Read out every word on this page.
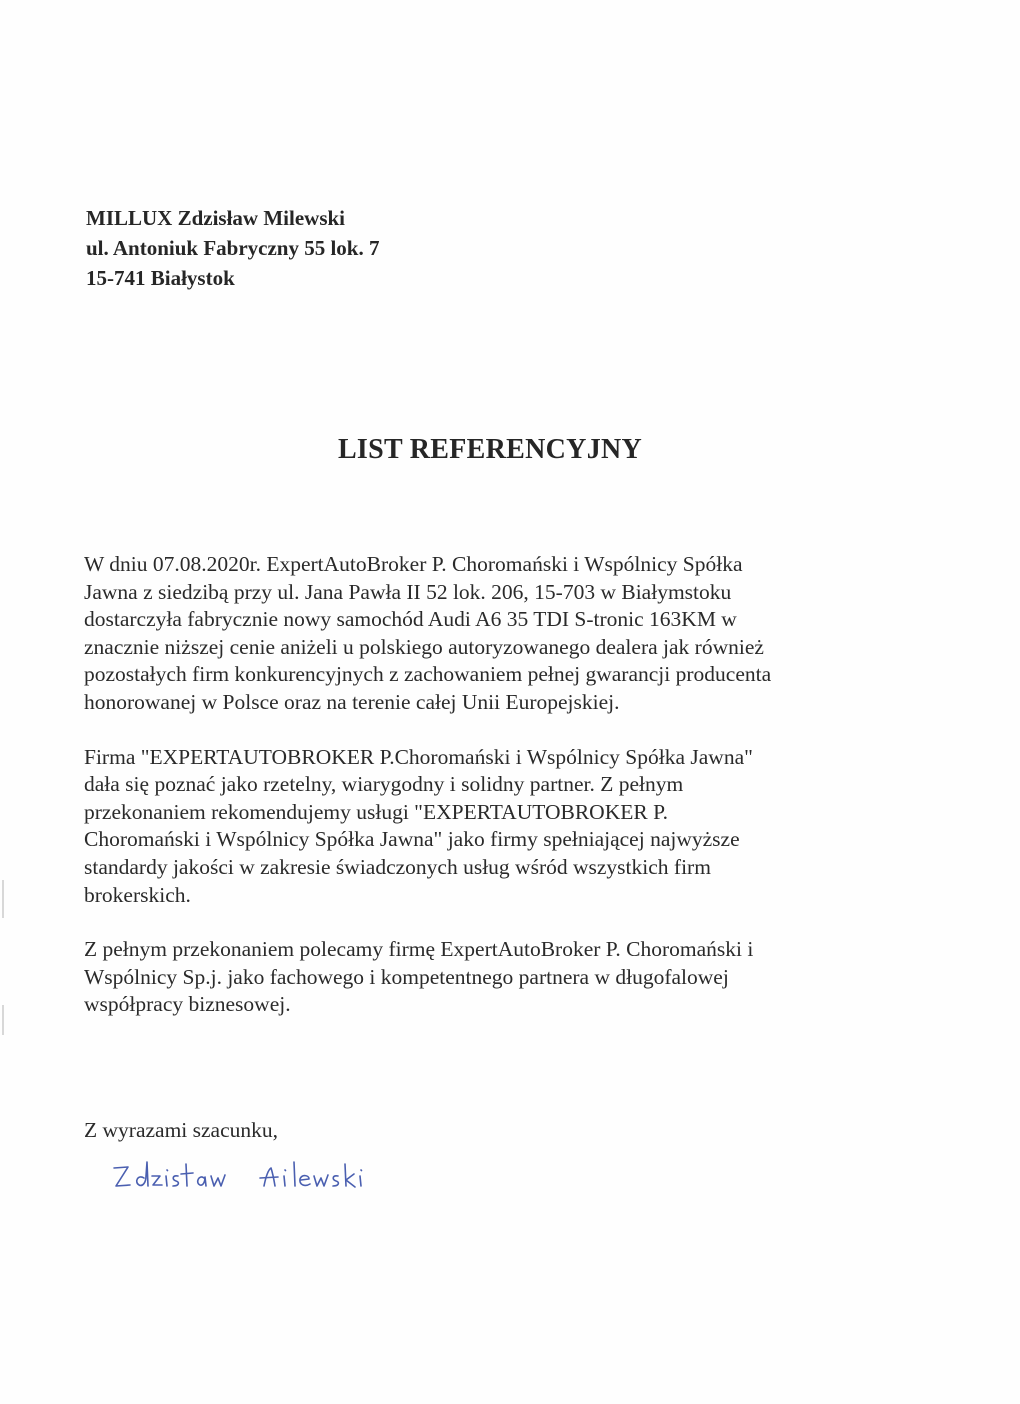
MILLUX Zdzisław Milewski
ul. Antoniuk Fabryczny 55 lok. 7
15-741 Białystok
LIST REFERENCYJNY
W dniu 07.08.2020r. ExpertAutoBroker P. Choromański i Wspólnicy Spółka
Jawna z siedzibą przy ul. Jana Pawła II 52 lok. 206, 15-703 w Białymstoku
dostarczyła fabrycznie nowy samochód Audi A6 35 TDI S-tronic 163KM w
znacznie niższej cenie aniżeli u polskiego autoryzowanego dealera jak również
pozostałych firm konkurencyjnych z zachowaniem pełnej gwarancji producenta
honorowanej w Polsce oraz na terenie całej Unii Europejskiej.
Firma "EXPERTAUTOBROKER P.Choromański i Wspólnicy Spółka Jawna"
dała się poznać jako rzetelny, wiarygodny i solidny partner. Z pełnym
przekonaniem rekomendujemy usługi "EXPERTAUTOBROKER P.
Choromański i Wspólnicy Spółka Jawna" jako firmy spełniającej najwyższe
standardy jakości w zakresie świadczonych usług wśród wszystkich firm
brokerskich.
Z pełnym przekonaniem polecamy firmę ExpertAutoBroker P. Choromański i
Wspólnicy Sp.j. jako fachowego i kompetentnego partnera w długofalowej
współpracy biznesowej.
Z wyrazami szacunku,
